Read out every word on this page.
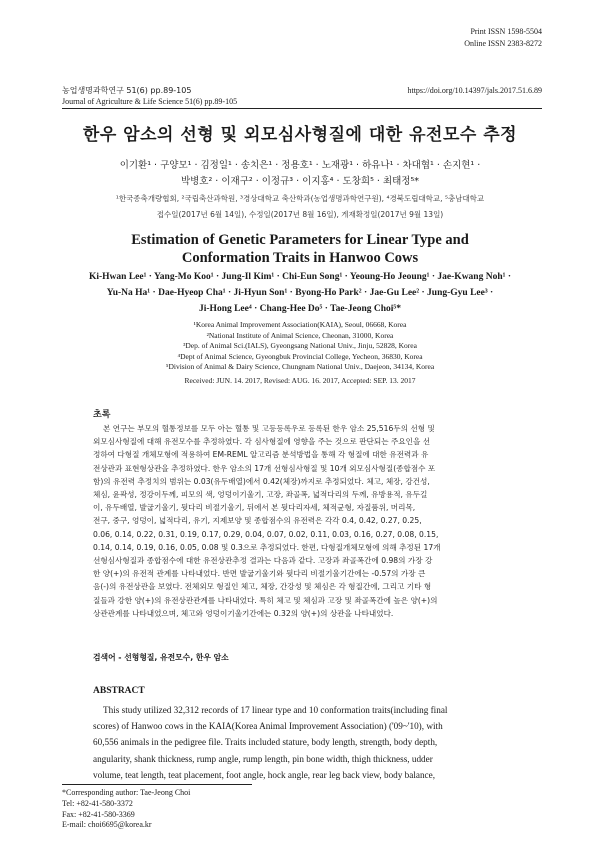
Print ISSN 1598-5504
Online ISSN 2383-8272
농업생명과학연구 51(6) pp.89-105	https://doi.org/10.14397/jals.2017.51.6.89
Journal of Agriculture & Life Science 51(6) pp.89-105
한우 암소의 선형 및 외모심사형질에 대한 유전모수 추정
이기환¹ · 구양모¹ · 김정일¹ · 송치은¹ · 정용호¹ · 노재광¹ · 하유나¹ · 차대협¹ · 손지현¹ ·
박병호² · 이재구² · 이정규³ · 이지홍⁴ · 도창희⁵ · 최태정⁵*
¹한국종축개량협회, ²국립축산과학원, ³경상대학교 축산학과(농업생명과학연구원), ⁴경북도립대학교, ⁵충남대학교
접수일(2017년 6월 14일), 수정일(2017년 8월 16일), 게재확정일(2017년 9월 13일)
Estimation of Genetic Parameters for Linear Type and
Conformation Traits in Hanwoo Cows
Ki-Hwan Lee¹ · Yang-Mo Koo¹ · Jung-Il Kim¹ · Chi-Eun Song¹ · Yeoung-Ho Jeoung¹ · Jae-Kwang Noh¹ ·
Yu-Na Ha¹ · Dae-Hyeop Cha¹ · Ji-Hyun Son¹ · Byong-Ho Park² · Jae-Gu Lee² · Jung-Gyu Lee³ ·
Ji-Hong Lee⁴ · Chang-Hee Do⁵ · Tae-Jeong Choi⁵*
¹Korea Animal Improvement Association(KAIA), Seoul, 06668, Korea
²National Institute of Animal Science, Cheonan, 31000, Korea
³Dep. of Animal Sci.(IALS), Gyeongsang National Univ., Jinju, 52828, Korea
⁴Dept of Animal Science, Gyeongbuk Provincial College, Yecheon, 36830, Korea
⁵Division of Animal & Dairy Science, Chungnam National Univ., Daejeon, 34134, Korea
Received: JUN. 14. 2017, Revised: AUG. 16. 2017, Accepted: SEP. 13. 2017
초록
본 연구는 부모의 혈통정보를 모두 아는 혈통 및 고등등록우로 등록된 한우 암소 25,516두의 선형 및
외모심사형질에 대해 유전모수를 추정하였다. 각 심사형질에 영향을 주는 것으로 판단되는 주요인을 선
정하여 다형질 개체모형에 적용하여 EM-REML 알고리즘 분석방법을 통해 각 형질에 대한 유전력과 유
전상관과 표현형상관을 추정하였다. 한우 암소의 17개 선형심사형질 및 10개 외모심사형질(종합점수 포
함)의 유전력 추정치의 범위는 0.03(유두배열)에서 0.42(체장)까지로 추정되었다. 체고, 체장, 강건성,
체심, 윤곽성, 정강이두께, 피모의 색, 엉덩이기울기, 고장, 좌골폭, 넓적다리의 두께, 유방용적, 유두길
이, 유두배열, 발굽기울기, 뒷다리 비절기울기, 뒤에서 본 뒷다리자세, 체적균형, 자질품위, 머리목,
전구, 중구, 엉덩이, 넓적다리, 유기, 지제보양 및 종합점수의 유전력은 각각 0.4, 0.42, 0.27, 0.25,
0.06, 0.14, 0.22, 0.31, 0.19, 0.17, 0.29, 0.04, 0.07, 0.02, 0.11, 0.03, 0.16, 0.27, 0.08, 0.15,
0.14, 0.14, 0.19, 0.16, 0.05, 0.08 및 0.3으로 추정되었다. 한편, 다형질개체모형에 의해 추정된 17개
선형심사형질과 종합점수에 대한 유전상관추정 결과는 다음과 같다. 고장과 좌골폭간에 0.98의 가장 강
한 양(+)의 유전적 관계를 나타내었다. 반면 발굽기울기와 뒷다리 비절기울기간에는 -0.57의 가장 큰
음(-)의 유전상관을 보였다. 전체외모 형질인 체고, 체장, 간강성 및 체심은 각 형질간에, 그리고 기타 형
질들과 강한 양(+)의 유전상관관계를 나타내었다. 특히 체고 및 체심과 고장 및 좌골폭간에 높은 양(+)의
상관관계를 나타내었으며, 체고와 엉덩이기울기간에는 0.32의 양(+)의 상관을 나타내었다.
검색어 - 선형형질, 유전모수, 한우 암소
ABSTRACT
This study utilized 32,312 records of 17 linear type and 10 conformation traits(including final
scores) of Hanwoo cows in the KAIA(Korea Animal Improvement Association) ('09~'10), with
60,556 animals in the pedigree file. Traits included stature, body length, strength, body depth,
angularity, shank thickness, rump angle, rump length, pin bone width, thigh thickness, udder
volume, teat length, teat placement, foot angle, hock angle, rear leg back view, body balance,
*Corresponding author: Tae-Jeong Choi
Tel: +82-41-580-3372
Fax: +82-41-580-3369
E-mail: choi6695@korea.kr
